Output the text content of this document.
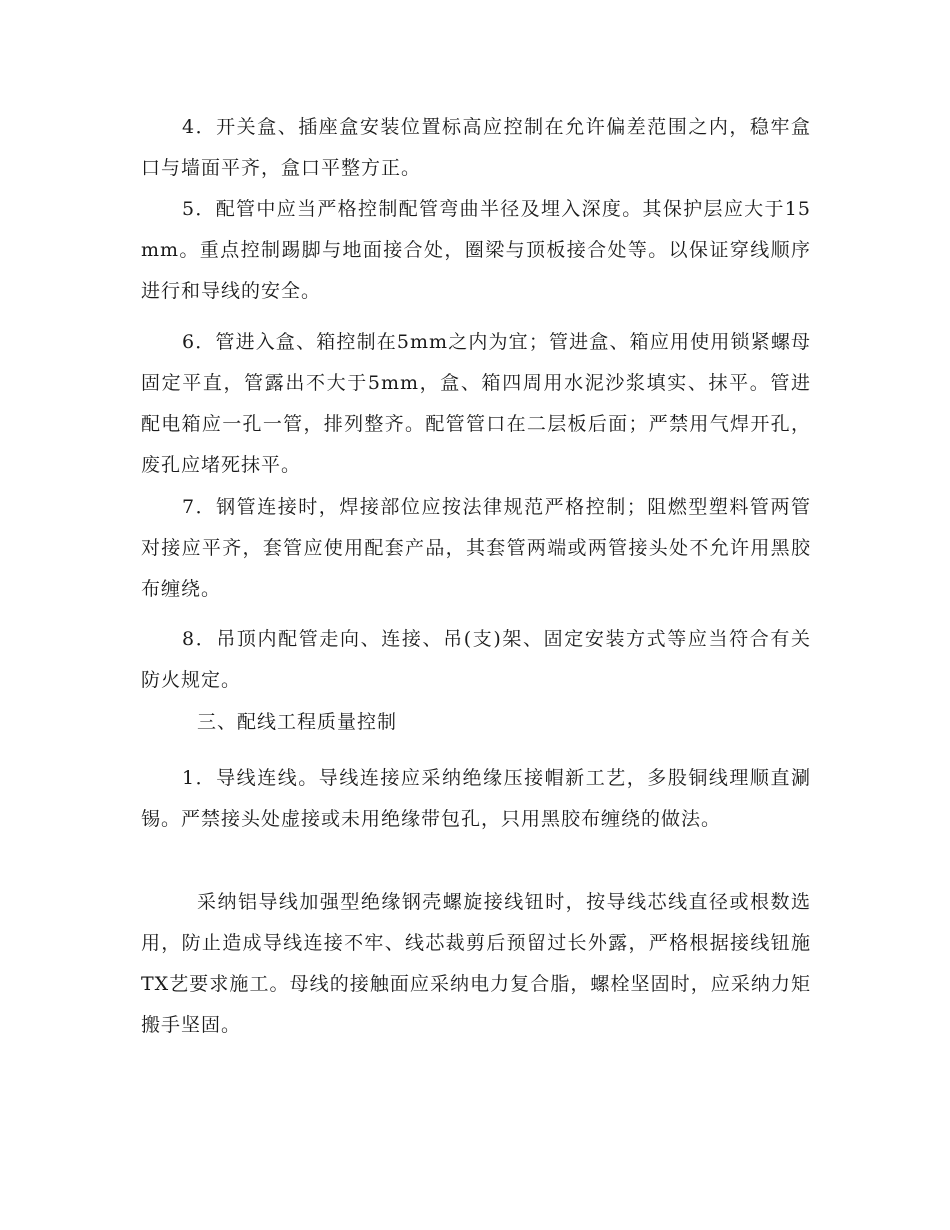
4．开关盒、插座盒安装位置标高应控制在允许偏差范围之内，稳牢盒口与墙面平齐，盒口平整方正。

5．配管中应当严格控制配管弯曲半径及埋入深度。其保护层应大于15mm。重点控制踢脚与地面接合处，圈梁与顶板接合处等。以保证穿线顺序进行和导线的安全。

6．管进入盒、箱控制在5mm之内为宜；管进盒、箱应用使用锁紧螺母固定平直，管露出不大于5mm，盒、箱四周用水泥沙浆填实、抹平。管进配电箱应一孔一管，排列整齐。配管管口在二层板后面；严禁用气焊开孔，废孔应堵死抹平。

7．钢管连接时，焊接部位应按法律规范严格控制；阻燃型塑料管两管对接应平齐，套管应使用配套产品，其套管两端或两管接头处不允许用黑胶布缠绕。

8．吊顶内配管走向、连接、吊(支)架、固定安装方式等应当符合有关防火规定。

三、配线工程质量控制

1．导线连线。导线连接应采纳绝缘压接帽新工艺，多股铜线理顺直涮锡。严禁接头处虚接或未用绝缘带包孔，只用黑胶布缠绕的做法。

采纳铝导线加强型绝缘钢壳螺旋接线钮时，按导线芯线直径或根数选用，防止造成导线连接不牢、线芯裁剪后预留过长外露，严格根据接线钮施TX艺要求施工。母线的接触面应采纳电力复合脂，螺栓坚固时，应采纳力矩搬手坚固。
